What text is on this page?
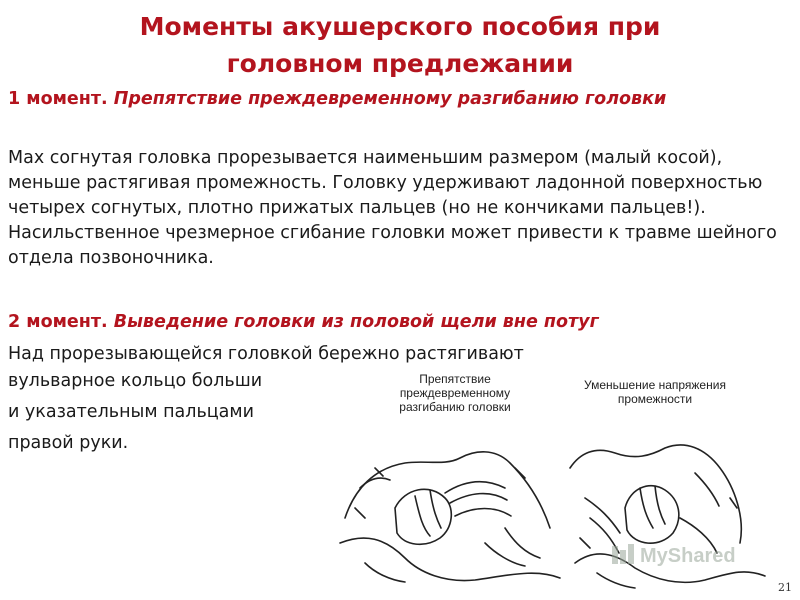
Моменты акушерского пособия при
головном предлежании
1 момент. Препятствие преждевременному разгибанию головки
Max согнутая головка прорезывается наименьшим размером (малый косой), меньше растягивая промежность. Головку удерживают ладонной поверхностью четырех согнутых, плотно прижатых пальцев (но не кончиками пальцев!). Насильственное чрезмерное сгибание головки может привести к травме шейного отдела позвоночника.
2 момент. Выведение головки из половой щели вне потуг
Над прорезывающейся головкой бережно растягивают
вульварное кольцо больши
и указательным пальцами
правой руки.
Препятствие преждевременному разгибанию головки
Уменьшение напряжения промежности
MyShared
21
